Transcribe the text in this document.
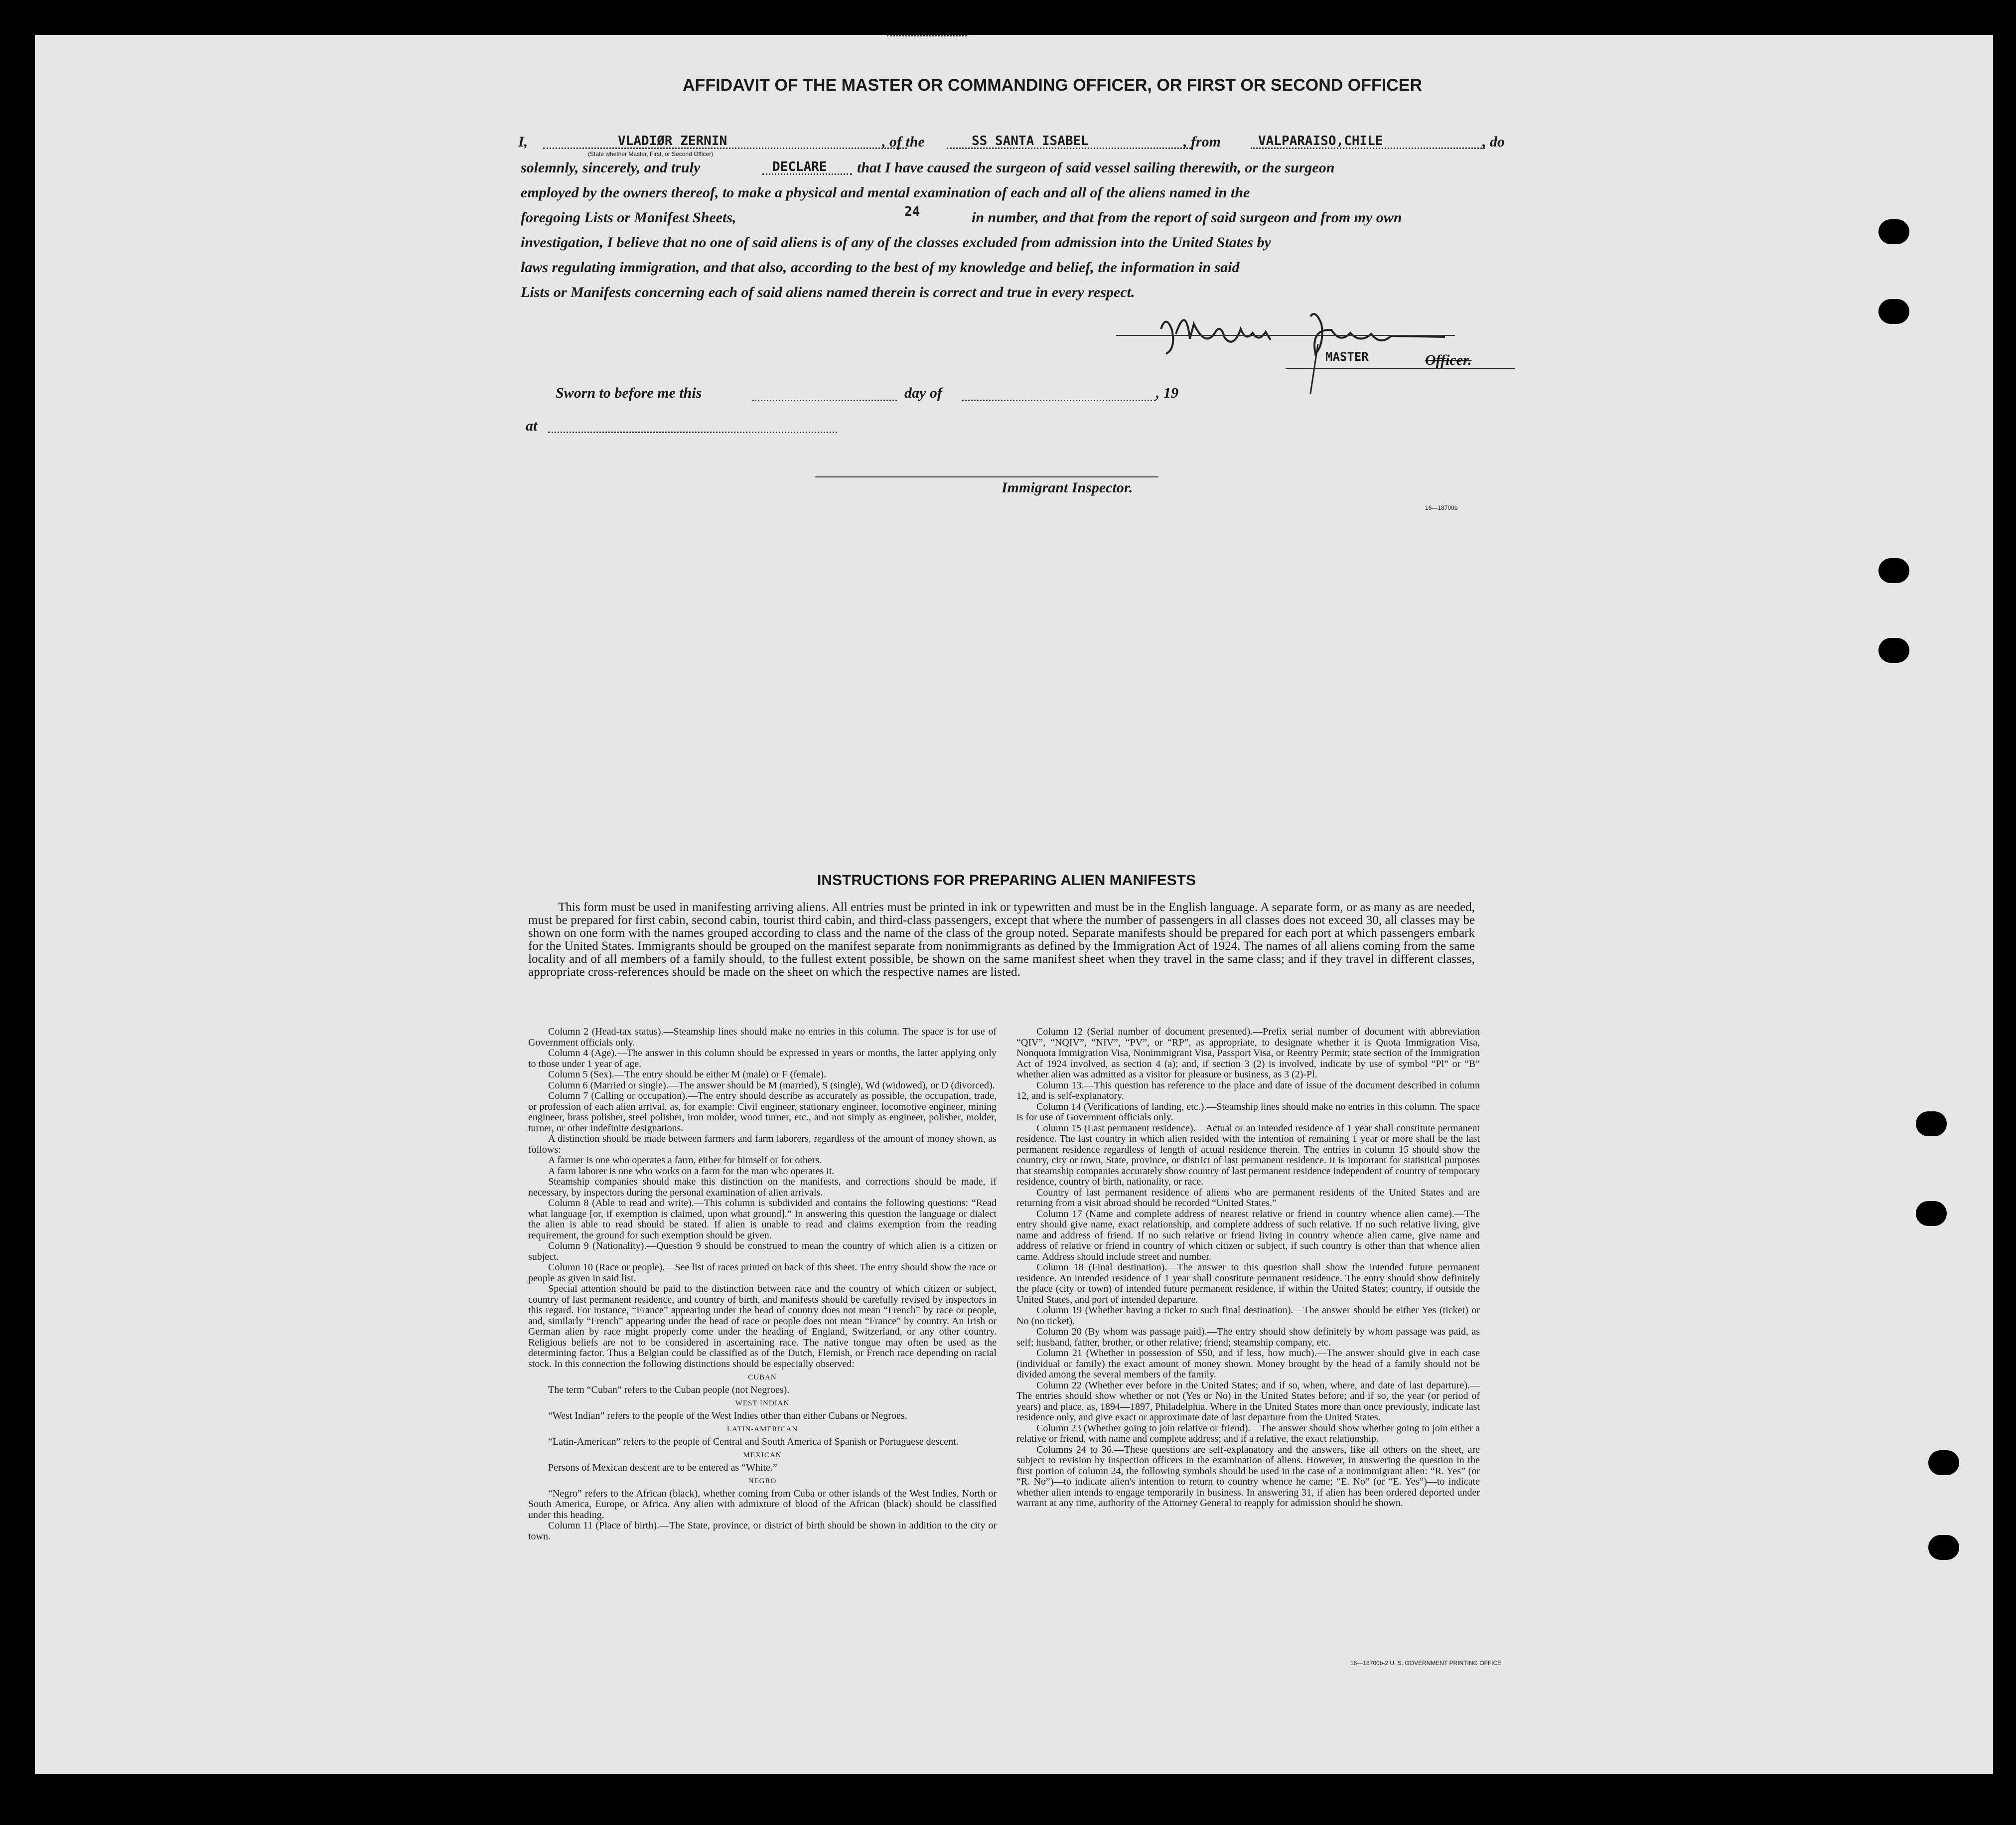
AFFIDAVIT OF THE MASTER OR COMMANDING OFFICER, OR FIRST OR SECOND OFFICER
I,	VLADIØR ZERNIN	, of the	SS SANTA ISABEL	, from	VALPARAISO,CHILE	, do
(State whether Master, First, or Second Officer)
solemnly, sincerely, and truly	DECLARE that I have caused the surgeon of said vessel sailing therewith, or the surgeon
employed by the owners thereof, to make a physical and mental examination of each and all of the aliens named in the
foregoing Lists or Manifest Sheets,	24	in number, and that from the report of said surgeon and from my own
investigation, I believe that no one of said aliens is of any of the classes excluded from admission into the United States by
laws regulating immigration, and that also, according to the best of my knowledge and belief, the information in said
Lists or Manifests concerning each of said aliens named therein is correct and true in every respect.
MASTER	Officer.
Sworn to before me this	day of	, 19
at
Immigrant Inspector.
16—18700b
INSTRUCTIONS FOR PREPARING ALIEN MANIFESTS
This form must be used in manifesting arriving aliens. All entries must be printed in ink or typewritten and must be in the English language. A separate form, or as many as are needed, must be prepared for first cabin, second cabin, tourist third cabin, and third-class passengers, except that where the number of passengers in all classes does not exceed 30, all classes may be shown on one form with the names grouped according to class and the name of the class of the group noted. Separate manifests should be prepared for each port at which passengers embark for the United States. Immigrants should be grouped on the manifest separate from nonimmigrants as defined by the Immigration Act of 1924. The names of all aliens coming from the same locality and of all members of a family should, to the fullest extent possible, be shown on the same manifest sheet when they travel in the same class; and if they travel in different classes, appropriate cross-references should be made on the sheet on which the respective names are listed.

Column 2 (Head-tax status).—Steamship lines should make no entries in this column. The space is for use of Government officials only.

Column 4 (Age).—The answer in this column should be expressed in years or months, the latter applying only to those under 1 year of age.

Column 5 (Sex).—The entry should be either M (male) or F (female).

Column 6 (Married or single).—The answer should be M (married), S (single), Wd (widowed), or D (divorced).

Column 7 (Calling or occupation).—The entry should describe as accurately as possible, the occupation, trade, or profession of each alien arrival, as, for example: Civil engineer, stationary engineer, locomotive engineer, mining engineer, brass polisher, steel polisher, iron molder, wood turner, etc., and not simply as engineer, polisher, molder, turner, or other indefinite designations.

A distinction should be made between farmers and farm laborers, regardless of the amount of money shown, as follows:

A farmer is one who operates a farm, either for himself or for others.

A farm laborer is one who works on a farm for the man who operates it.

Steamship companies should make this distinction on the manifests, and corrections should be made, if necessary, by inspectors during the personal examination of alien arrivals.

Column 8 (Able to read and write).—This column is subdivided and contains the following questions: “Read what language [or, if exemption is claimed, upon what ground].” In answering this question the language or dialect the alien is able to read should be stated. If alien is unable to read and claims exemption from the reading requirement, the ground for such exemption should be given.

Column 9 (Nationality).—Question 9 should be construed to mean the country of which alien is a citizen or subject.

Column 10 (Race or people).—See list of races printed on back of this sheet. The entry should show the race or people as given in said list.

Special attention should be paid to the distinction between race and the country of which citizen or subject, country of last permanent residence, and country of birth, and manifests should be carefully revised by inspectors in this regard. For instance, “France” appearing under the head of country does not mean “French” by race or people, and, similarly “French” appearing under the head of race or people does not mean “France” by country. An Irish or German alien by race might properly come under the heading of England, Switzerland, or any other country. Religious beliefs are not to be considered in ascertaining race. The native tongue may often be used as the determining factor. Thus a Belgian could be classified as of the Dutch, Flemish, or French race depending on racial stock. In this connection the following distinctions should be especially observed:

CUBAN

The term “Cuban” refers to the Cuban people (not Negroes).

WEST INDIAN

“West Indian” refers to the people of the West Indies other than either Cubans or Negroes.

LATIN-AMERICAN

“Latin-American” refers to the people of Central and South America of Spanish or Portuguese descent.

MEXICAN

Persons of Mexican descent are to be entered as “White.”

NEGRO

“Negro” refers to the African (black), whether coming from Cuba or other islands of the West Indies, North or South America, Europe, or Africa. Any alien with admixture of blood of the African (black) should be classified under this heading.

Column 11 (Place of birth).—The State, province, or district of birth should be shown in addition to the city or town.

Column 12 (Serial number of document presented).—Prefix serial number of document with abbreviation “QIV”, “NQIV”, “NIV”, “PV”, or “RP”, as appropriate, to designate whether it is Quota Immigration Visa, Nonquota Immigration Visa, Nonimmigrant Visa, Passport Visa, or Reentry Permit; state section of the Immigration Act of 1924 involved, as section 4 (a); and, if section 3 (2) is involved, indicate by use of symbol “Pl” or “B” whether alien was admitted as a visitor for pleasure or business, as 3 (2)-Pl.

Column 13.—This question has reference to the place and date of issue of the document described in column 12, and is self-explanatory.

Column 14 (Verifications of landing, etc.).—Steamship lines should make no entries in this column. The space is for use of Government officials only.

Column 15 (Last permanent residence).—Actual or an intended residence of 1 year shall constitute permanent residence. The last country in which alien resided with the intention of remaining 1 year or more shall be the last permanent residence regardless of length of actual residence therein. The entries in column 15 should show the country, city or town, State, province, or district of last permanent residence. It is important for statistical purposes that steamship companies accurately show country of last permanent residence independent of country of temporary residence, country of birth, nationality, or race.

Country of last permanent residence of aliens who are permanent residents of the United States and are returning from a visit abroad should be recorded “United States.”

Column 17 (Name and complete address of nearest relative or friend in country whence alien came).—The entry should give name, exact relationship, and complete address of such relative. If no such relative living, give name and address of friend. If no such relative or friend living in country whence alien came, give name and address of relative or friend in country of which citizen or subject, if such country is other than that whence alien came. Address should include street and number.

Column 18 (Final destination).—The answer to this question shall show the intended future permanent residence. An intended residence of 1 year shall constitute permanent residence. The entry should show definitely the place (city or town) of intended future permanent residence, if within the United States; country, if outside the United States, and port of intended departure.

Column 19 (Whether having a ticket to such final destination).—The answer should be either Yes (ticket) or No (no ticket).

Column 20 (By whom was passage paid).—The entry should show definitely by whom passage was paid, as self; husband, father, brother, or other relative; friend; steamship company, etc.

Column 21 (Whether in possession of $50, and if less, how much).—The answer should give in each case (individual or family) the exact amount of money shown. Money brought by the head of a family should not be divided among the several members of the family.

Column 22 (Whether ever before in the United States; and if so, when, where, and date of last departure).—The entries should show whether or not (Yes or No) in the United States before; and if so, the year (or period of years) and place, as, 1894—1897, Philadelphia. Where in the United States more than once previously, indicate last residence only, and give exact or approximate date of last departure from the United States.

Column 23 (Whether going to join relative or friend).—The answer should show whether going to join either a relative or friend, with name and complete address; and if a relative, the exact relationship.

Columns 24 to 36.—These questions are self-explanatory and the answers, like all others on the sheet, are subject to revision by inspection officers in the examination of aliens. However, in answering the question in the first portion of column 24, the following symbols should be used in the case of a nonimmigrant alien: “R. Yes” (or “R. No”)—to indicate alien's intention to return to country whence he came; “E. No” (or “E. Yes”)—to indicate whether alien intends to engage temporarily in business. In answering 31, if alien has been ordered deported under warrant at any time, authority of the Attorney General to reapply for admission should be shown.

16—18700b-2 U. S. GOVERNMENT PRINTING OFFICE
